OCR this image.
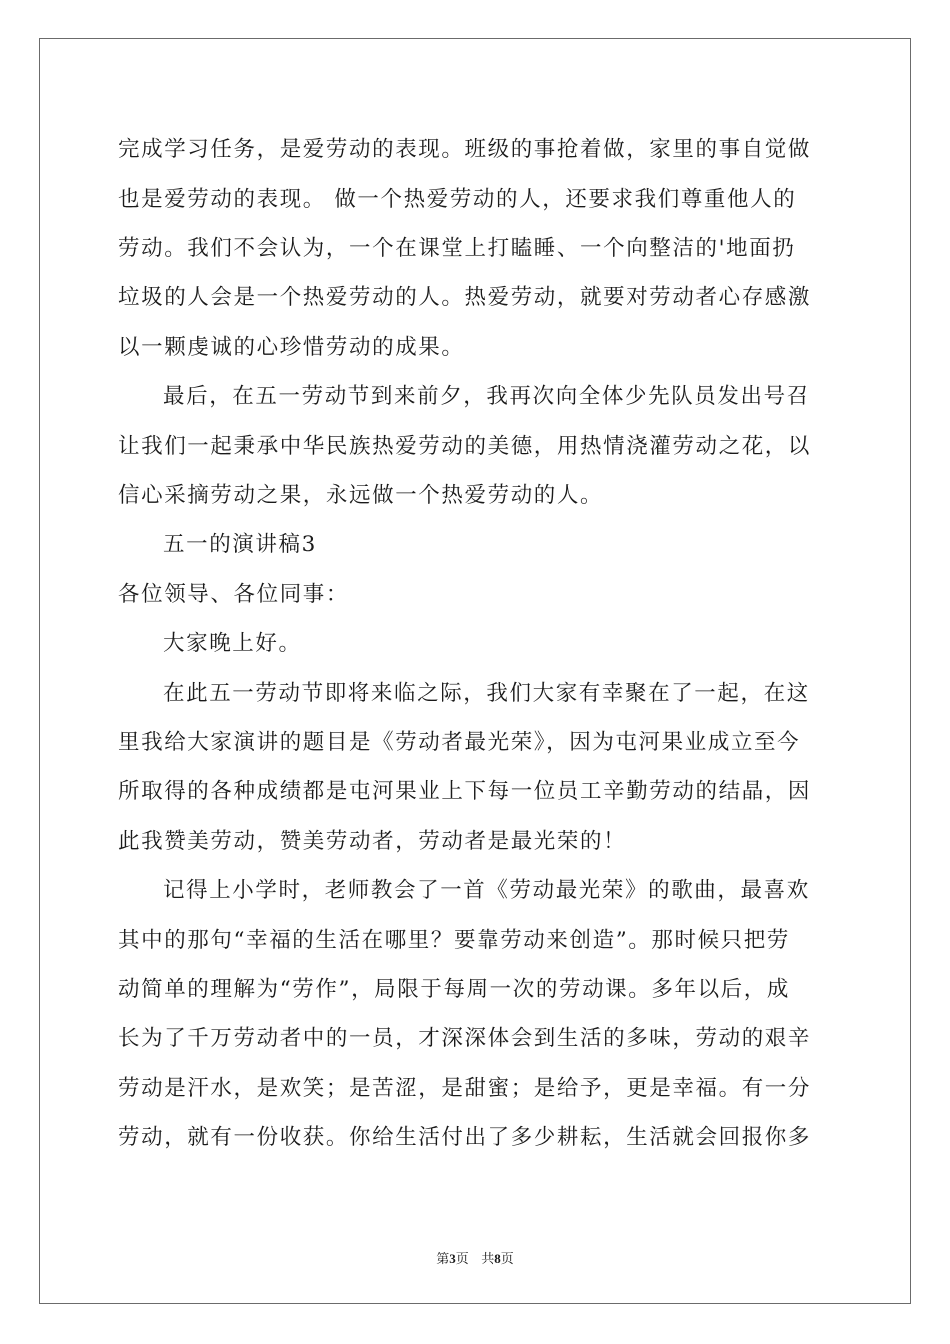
完成学习任务，是爱劳动的表现。班级的事抢着做，家里的事自觉做

也是爱劳动的表现。 做一个热爱劳动的人，还要求我们尊重他人的

劳动。我们不会认为，一个在课堂上打瞌睡、一个向整洁的'地面扔

垃圾的人会是一个热爱劳动的人。热爱劳动，就要对劳动者心存感激

以一颗虔诚的心珍惜劳动的成果。

最后，在五一劳动节到来前夕，我再次向全体少先队员发出号召

让我们一起秉承中华民族热爱劳动的美德，用热情浇灌劳动之花，以

信心采摘劳动之果，永远做一个热爱劳动的人。

五一的演讲稿3

各位领导、各位同事：

大家晚上好。

在此五一劳动节即将来临之际，我们大家有幸聚在了一起，在这

里我给大家演讲的题目是《劳动者最光荣》，因为屯河果业成立至今

所取得的各种成绩都是屯河果业上下每一位员工辛勤劳动的结晶，因

此我赞美劳动，赞美劳动者，劳动者是最光荣的！

记得上小学时，老师教会了一首《劳动最光荣》的歌曲，最喜欢

其中的那句“幸福的生活在哪里？要靠劳动来创造”。那时候只把劳

动简单的理解为“劳作”，局限于每周一次的劳动课。多年以后，成

长为了千万劳动者中的一员，才深深体会到生活的多味，劳动的艰辛

劳动是汗水，是欢笑；是苦涩，是甜蜜；是给予，更是幸福。有一分

劳动，就有一份收获。你给生活付出了多少耕耘，生活就会回报你多

第3页 共8页
